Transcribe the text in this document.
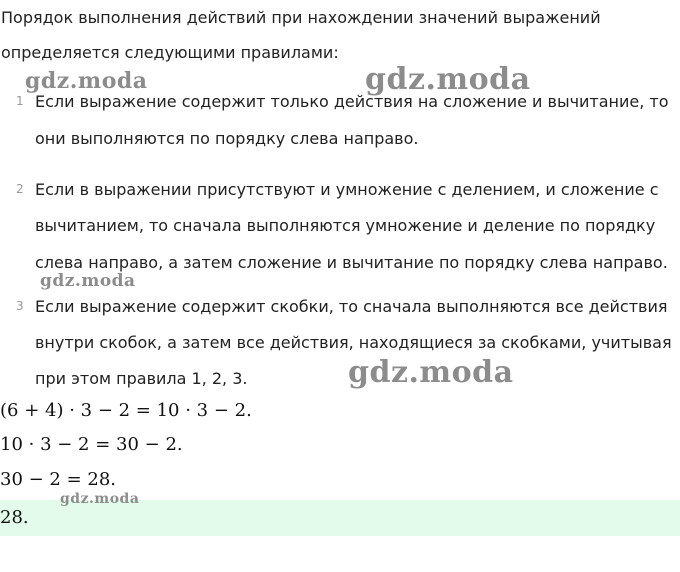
Порядок выполнения действий при нахождении значений выражений
определяется следующими правилами:

1 Если выражение содержит только действия на сложение и вычитание, то
они выполняются по порядку слева направо.
2 Если в выражении присутствуют и умножение с делением, и сложение с
вычитанием, то сначала выполняются умножение и деление по порядку
слева направо, а затем сложение и вычитание по порядку слева направо.
3 Если выражение содержит скобки, то сначала выполняются все действия
внутри скобок, а затем все действия, находящиеся за скобками, учитывая
при этом правила 1, 2, 3.
(6 + 4) · 3 − 2 = 10 · 3 − 2.
10 · 3 − 2 = 30 − 2.
30 − 2 = 28.
28.
gdz.moda	gdz.moda
gdz.moda
gdz.moda
gdz.moda
